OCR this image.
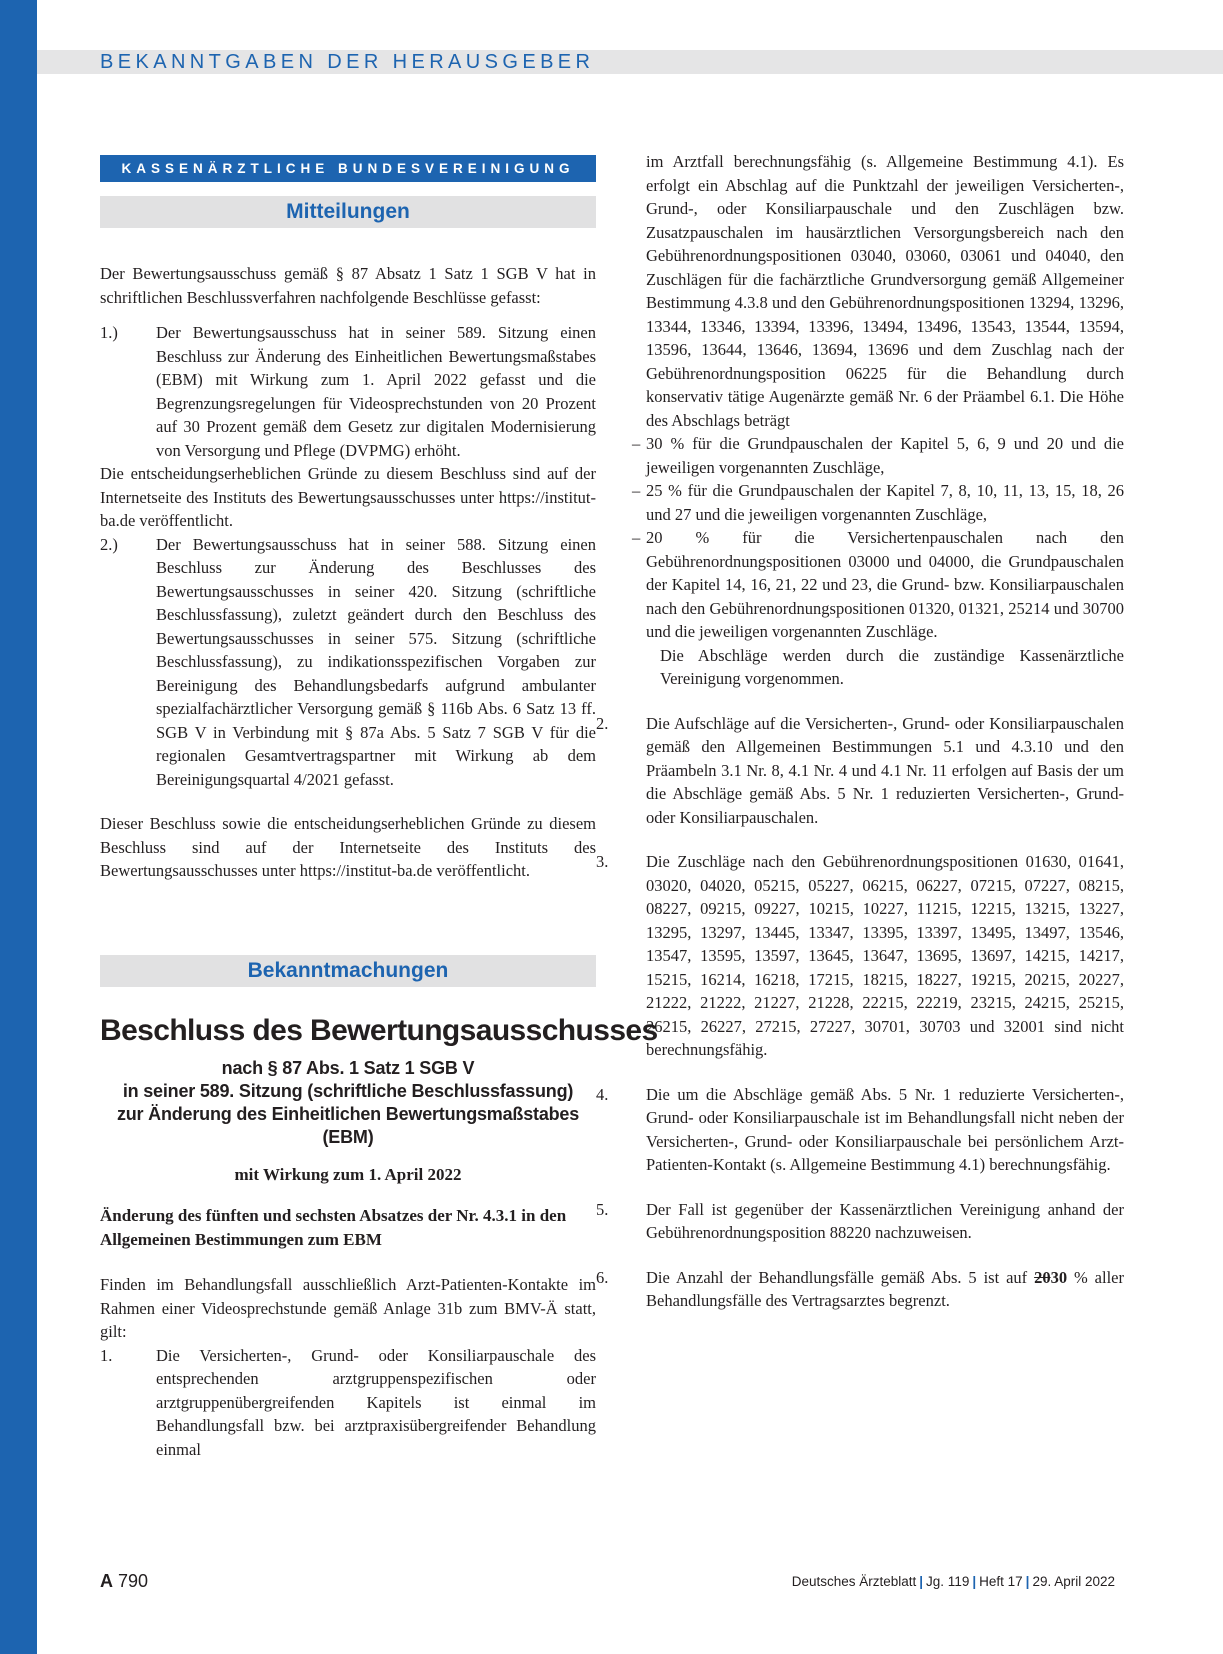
BEKANNTGABEN DER HERAUSGEBER
KASSENÄRZTLICHE BUNDESVEREINIGUNG
Mitteilungen

Der Bewertungsausschuss gemäß § 87 Absatz 1 Satz 1 SGB V hat in schriftlichen Beschlussverfahren nachfolgende Beschlüsse gefasst:

1.)	Der Bewertungsausschuss hat in seiner 589. Sitzung einen Beschluss zur Änderung des Einheitlichen Bewertungsmaßstabes (EBM) mit Wirkung zum 1. April 2022 gefasst und die Begrenzungsregelungen für Videosprechstunden von 20 Prozent auf 30 Prozent gemäß dem Gesetz zur digitalen Modernisierung von Versorgung und Pflege (DVPMG) erhöht.

Die entscheidungserheblichen Gründe zu diesem Beschluss sind auf der Internetseite des Instituts des Bewertungsausschusses unter https://institut-ba.de veröffentlicht.

2.)	Der Bewertungsausschuss hat in seiner 588. Sitzung einen Beschluss zur Änderung des Beschlusses des Bewertungsausschusses in seiner 420. Sitzung (schriftliche Beschlussfassung), zuletzt geändert durch den Beschluss des Bewertungsausschusses in seiner 575. Sitzung (schriftliche Beschlussfassung), zu indikationsspezifischen Vorgaben zur Bereinigung des Behandlungsbedarfs aufgrund ambulanter spezialfachärztlicher Versorgung gemäß § 116b Abs. 6 Satz 13 ff. SGB V in Verbindung mit § 87a Abs. 5 Satz 7 SGB V für die regionalen Gesamtvertragspartner mit Wirkung ab dem Bereinigungsquartal 4/2021 gefasst.

Dieser Beschluss sowie die entscheidungserheblichen Gründe zu diesem Beschluss sind auf der Internetseite des Instituts des Bewertungsausschusses unter https://institut-ba.de veröffentlicht.

Bekanntmachungen
Beschluss des Bewertungsausschusses
nach § 87 Abs. 1 Satz 1 SGB V
in seiner 589. Sitzung (schriftliche Beschlussfassung)
zur Änderung des Einheitlichen Bewertungsmaßstabes (EBM)
mit Wirkung zum 1. April 2022

Änderung des fünften und sechsten Absatzes der Nr. 4.3.1 in den Allgemeinen Bestimmungen zum EBM

Finden im Behandlungsfall ausschließlich Arzt-Patienten-Kontakte im Rahmen einer Videosprechstunde gemäß Anlage 31b zum BMV-Ä statt, gilt:

1.	Die Versicherten-, Grund- oder Konsiliarpauschale des entsprechenden arztgruppenspezifischen oder arztgruppenübergreifenden Kapitels ist einmal im Behandlungsfall bzw. bei arztpraxisübergreifender Behandlung einmal

im Arztfall berechnungsfähig (s. Allgemeine Bestimmung 4.1). Es erfolgt ein Abschlag auf die Punktzahl der jeweiligen Versicherten-, Grund-, oder Konsiliarpauschale und den Zuschlägen bzw. Zusatzpauschalen im hausärztlichen Versorgungsbereich nach den Gebührenordnungspositionen 03040, 03060, 03061 und 04040, den Zuschlägen für die fachärztliche Grundversorgung gemäß Allgemeiner Bestimmung 4.3.8 und den Gebührenordnungspositionen 13294, 13296, 13344, 13346, 13394, 13396, 13494, 13496, 13543, 13544, 13594, 13596, 13644, 13646, 13694, 13696 und dem Zuschlag nach der Gebührenordnungsposition 06225 für die Behandlung durch konservativ tätige Augenärzte gemäß Nr. 6 der Präambel 6.1. Die Höhe des Abschlags beträgt

– 30 % für die Grundpauschalen der Kapitel 5, 6, 9 und 20 und die jeweiligen vorgenannten Zuschläge,
– 25 % für die Grundpauschalen der Kapitel 7, 8, 10, 11, 13, 15, 18, 26 und 27 und die jeweiligen vorgenannten Zuschläge,
– 20 % für die Versichertenpauschalen nach den Gebührenordnungspositionen 03000 und 04000, die Grundpauschalen der Kapitel 14, 16, 21, 22 und 23, die Grund- bzw. Konsiliarpauschalen nach den Gebührenordnungspositionen 01320, 01321, 25214 und 30700 und die jeweiligen vorgenannten Zuschläge.

Die Abschläge werden durch die zuständige Kassenärztliche Vereinigung vorgenommen.

2.	Die Aufschläge auf die Versicherten-, Grund- oder Konsiliarpauschalen gemäß den Allgemeinen Bestimmungen 5.1 und 4.3.10 und den Präambeln 3.1 Nr. 8, 4.1 Nr. 4 und 4.1 Nr. 11 erfolgen auf Basis der um die Abschläge gemäß Abs. 5 Nr. 1 reduzierten Versicherten-, Grund- oder Konsiliarpauschalen.
3.	Die Zuschläge nach den Gebührenordnungspositionen 01630, 01641, 03020, 04020, 05215, 05227, 06215, 06227, 07215, 07227, 08215, 08227, 09215, 09227, 10215, 10227, 11215, 12215, 13215, 13227, 13295, 13297, 13445, 13347, 13395, 13397, 13495, 13497, 13546, 13547, 13595, 13597, 13645, 13647, 13695, 13697, 14215, 14217, 15215, 16214, 16218, 17215, 18215, 18227, 19215, 20215, 20227, 21222, 21222, 21227, 21228, 22215, 22219, 23215, 24215, 25215, 26215, 26227, 27215, 27227, 30701, 30703 und 32001 sind nicht berechnungsfähig.
4.	Die um die Abschläge gemäß Abs. 5 Nr. 1 reduzierte Versicherten-, Grund- oder Konsiliarpauschale ist im Behandlungsfall nicht neben der Versicherten-, Grund- oder Konsiliarpauschale bei persönlichem Arzt-Patienten-Kontakt (s. Allgemeine Bestimmung 4.1) berechnungsfähig.
5.	Der Fall ist gegenüber der Kassenärztlichen Vereinigung anhand der Gebührenordnungsposition 88220 nachzuweisen.
6.	Die Anzahl der Behandlungsfälle gemäß Abs. 5 ist auf 2030 % aller Behandlungsfälle des Vertragsarztes begrenzt.
A 790	Deutsches Ärzteblatt | Jg. 119 | Heft 17 | 29. April 2022
